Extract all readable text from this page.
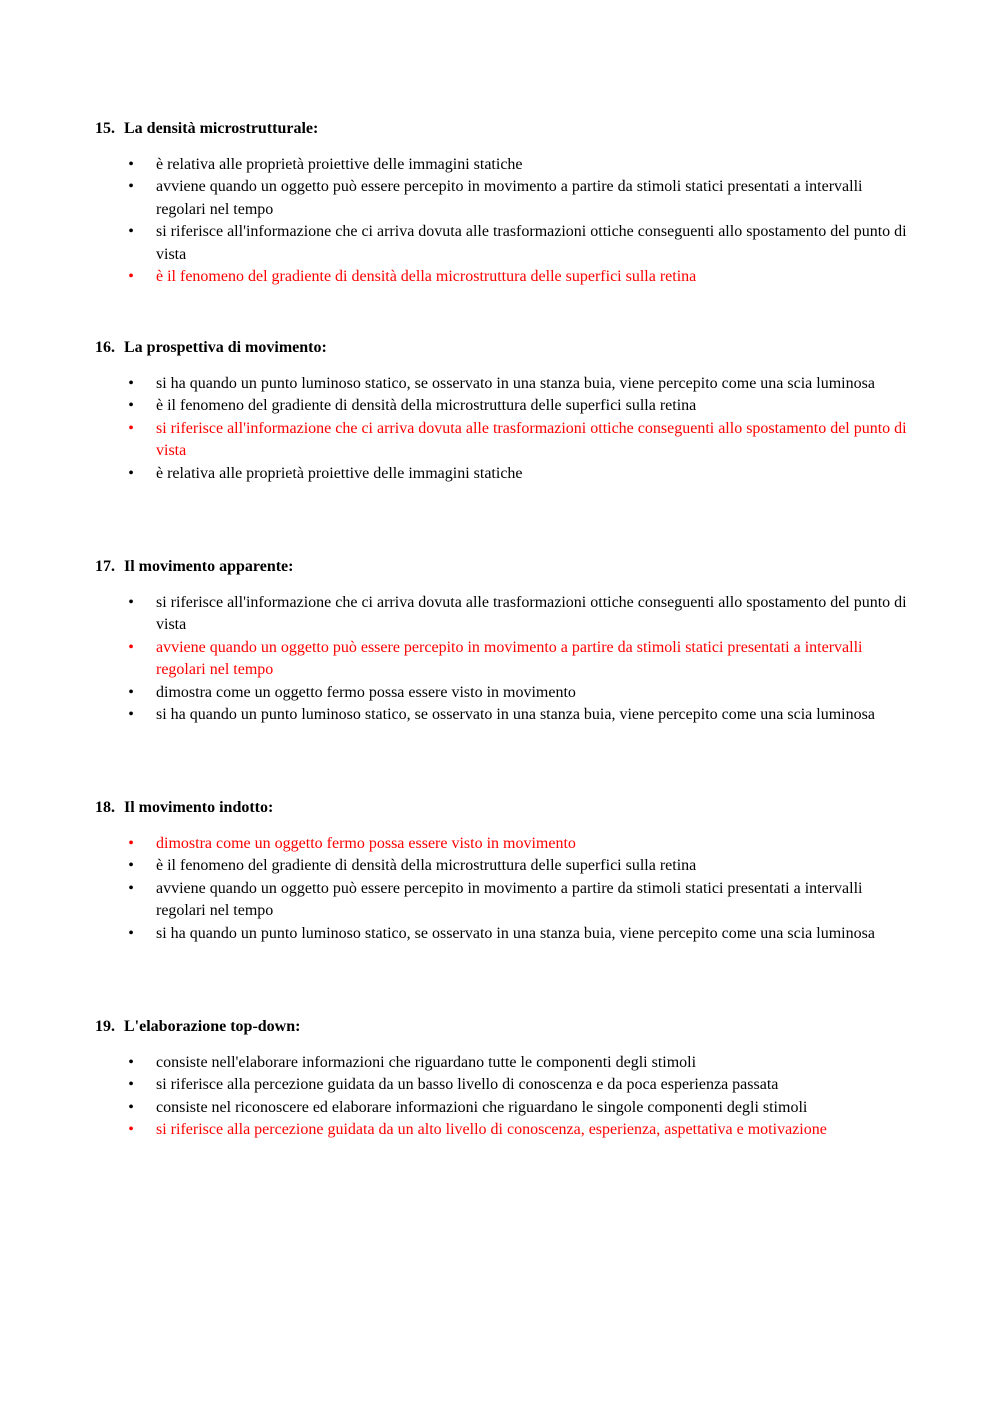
15. La densità microstrutturale:
• è relativa alle proprietà proiettive delle immagini statiche
• avviene quando un oggetto può essere percepito in movimento a partire da stimoli statici presentati a intervalli regolari nel tempo
• si riferisce all'informazione che ci arriva dovuta alle trasformazioni ottiche conseguenti allo spostamento del punto di vista
• è il fenomeno del gradiente di densità della microstruttura delle superfici sulla retina
16. La prospettiva di movimento:
• si ha quando un punto luminoso statico, se osservato in una stanza buia, viene percepito come una scia luminosa
• è il fenomeno del gradiente di densità della microstruttura delle superfici sulla retina
• si riferisce all'informazione che ci arriva dovuta alle trasformazioni ottiche conseguenti allo spostamento del punto di vista
• è relativa alle proprietà proiettive delle immagini statiche
17. Il movimento apparente:
• si riferisce all'informazione che ci arriva dovuta alle trasformazioni ottiche conseguenti allo spostamento del punto di vista
• avviene quando un oggetto può essere percepito in movimento a partire da stimoli statici presentati a intervalli regolari nel tempo
• dimostra come un oggetto fermo possa essere visto in movimento
• si ha quando un punto luminoso statico, se osservato in una stanza buia, viene percepito come una scia luminosa
18. Il movimento indotto:
• dimostra come un oggetto fermo possa essere visto in movimento
• è il fenomeno del gradiente di densità della microstruttura delle superfici sulla retina
• avviene quando un oggetto può essere percepito in movimento a partire da stimoli statici presentati a intervalli regolari nel tempo
• si ha quando un punto luminoso statico, se osservato in una stanza buia, viene percepito come una scia luminosa
19. L'elaborazione top-down:
• consiste nell'elaborare informazioni che riguardano tutte le componenti degli stimoli
• si riferisce alla percezione guidata da un basso livello di conoscenza e da poca esperienza passata
• consiste nel riconoscere ed elaborare informazioni che riguardano le singole componenti degli stimoli
• si riferisce alla percezione guidata da un alto livello di conoscenza, esperienza, aspettativa e motivazione
